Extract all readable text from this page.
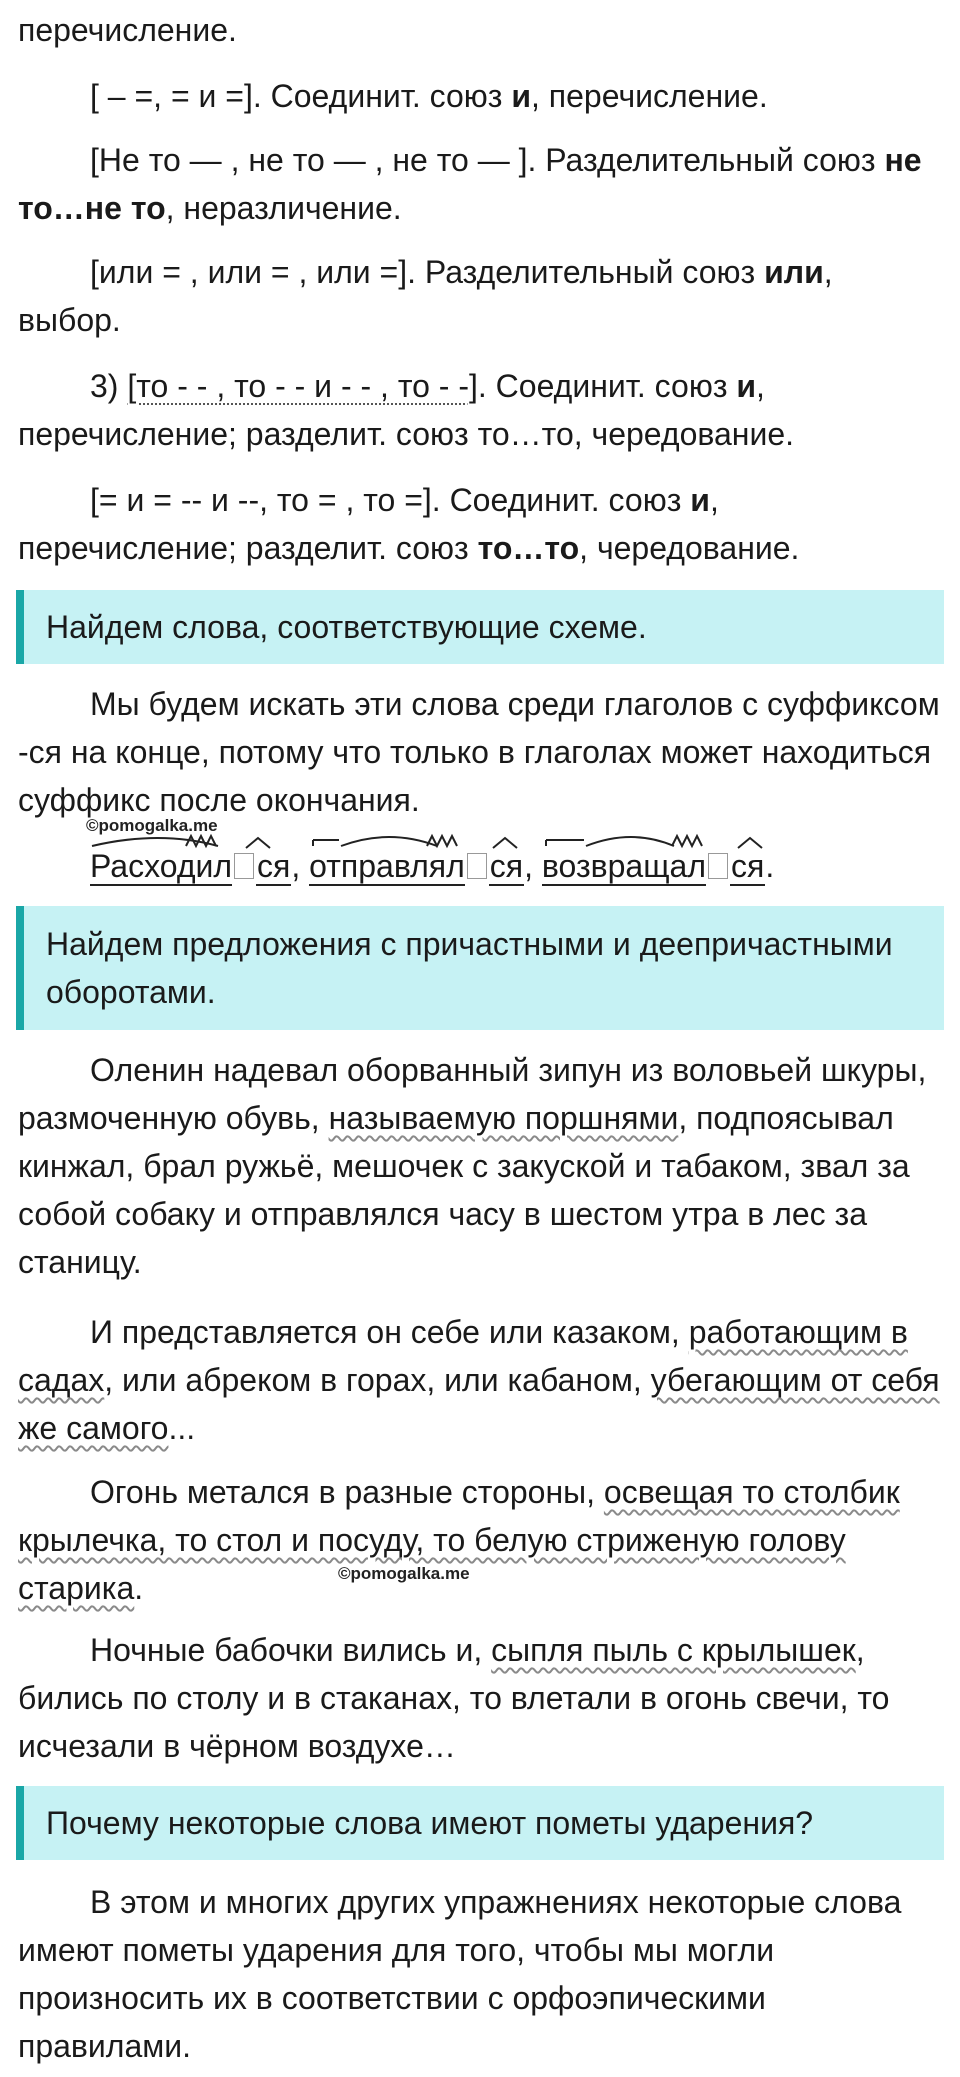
перечисление.

[ – =, = и =]. Соединит. союз и, перечисление.

[Не то — , не то — , не то — ]. Разделительный союз не то…не то, неразличение.

[или = , или = , или =]. Разделительный союз или, выбор.

3) [то - - , то - - и - - , то - -]. Соединит. союз и, перечисление; разделит. союз то…то, чередование.

[= и = -- и --, то = , то =]. Соединит. союз и, перечисление; разделит. союз то…то, чередование.

Найдем слова, соответствующие схеме.

Мы будем искать эти слова среди глаголов с суффиксом -ся на конце, потому что только в глаголах может находиться суффикс после окончания.

©pomogalka.me
Расходил ся
, отправлял ся
, возвращал ся
.
Найдем предложения с причастными и деепричастными оборотами.

Оленин надевал оборванный зипун из воловьей шкуры, размоченную обувь, называемую поршнями, подпоясывал кинжал, брал ружьё, мешочек с закуской и табаком, звал за собой собаку и отправлялся часу в шестом утра в лес за станицу.

И представляется он себе или казаком, работающим в садах, или абреком в горах, или кабаном, убегающим от себя же самого...

Огонь метался в разные стороны, освещая то столбик крылечка, то стол и посуду, то белую стриженую голову старика.	©pomogalka.me

Ночные бабочки вились и, сыпля пыль с крылышек, бились по столу и в стаканах, то влетали в огонь свечи, то исчезали в чёрном воздухе…

Почему некоторые слова имеют пометы ударения?

В этом и многих других упражнениях некоторые слова имеют пометы ударения для того, чтобы мы могли произносить их в соответствии с орфоэпическими правилами.
